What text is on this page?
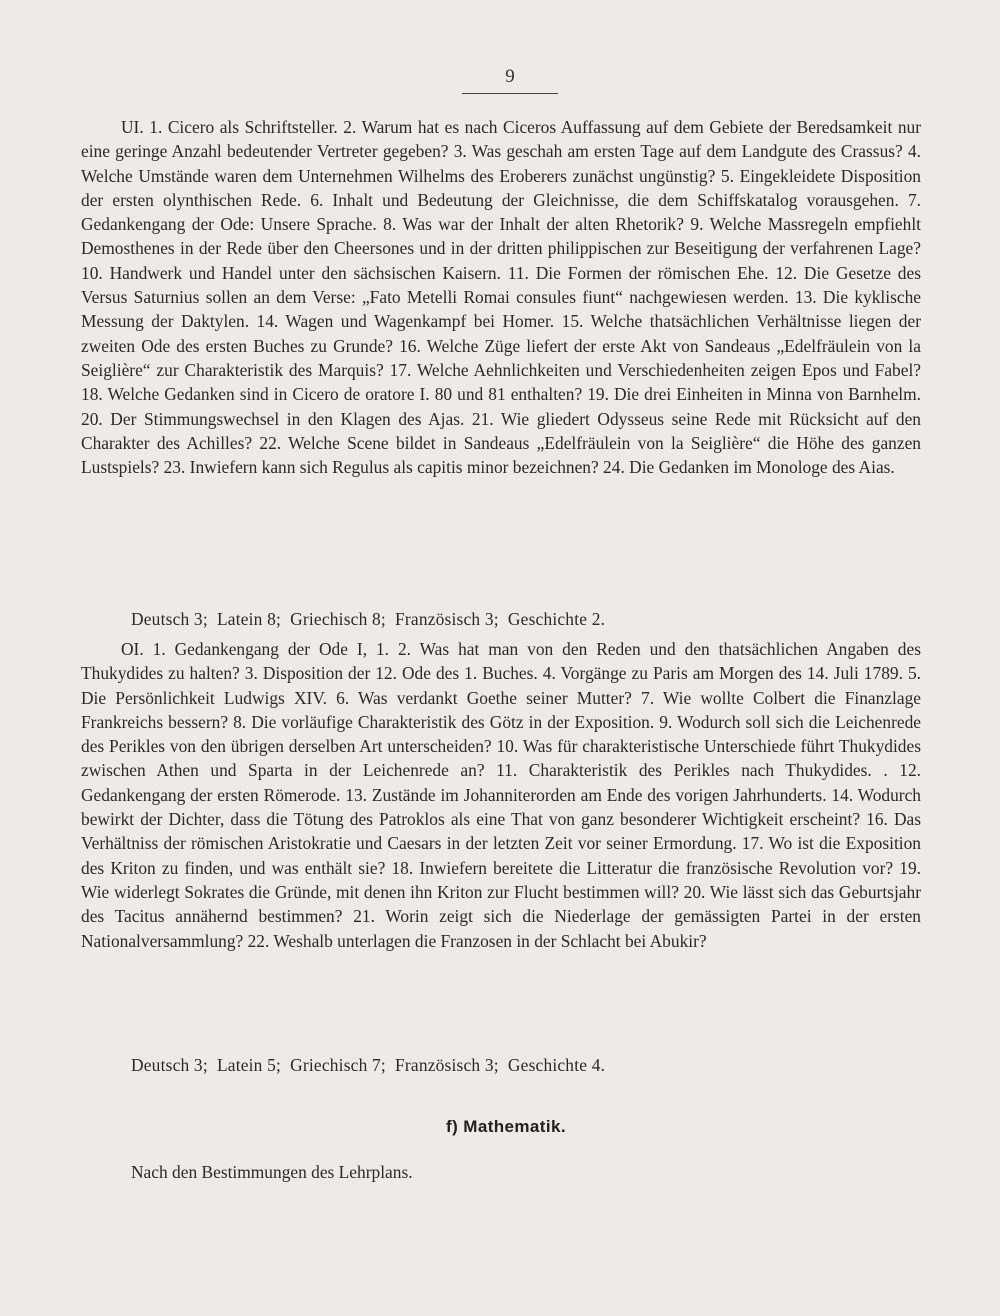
9
UI. 1. Cicero als Schriftsteller. 2. Warum hat es nach Ciceros Auffassung auf dem Gebiete der Beredsamkeit nur eine geringe Anzahl bedeutender Vertreter gegeben? 3. Was geschah am ersten Tage auf dem Landgute des Crassus? 4. Welche Umstände waren dem Unternehmen Wilhelms des Eroberers zunächst ungünstig? 5. Eingekleidete Disposition der ersten olynthischen Rede. 6. Inhalt und Bedeutung der Gleichnisse, die dem Schiffskatalog vorausgehen. 7. Gedankengang der Ode: Unsere Sprache. 8. Was war der Inhalt der alten Rhetorik? 9. Welche Massregeln empfiehlt Demosthenes in der Rede über den Cheersones und in der dritten philippischen zur Beseitigung der verfahrenen Lage? 10. Handwerk und Handel unter den sächsischen Kaisern. 11. Die Formen der römischen Ehe. 12. Die Gesetze des Versus Saturnius sollen an dem Verse: „Fato Metelli Romai consules fiunt“ nachgewiesen werden. 13. Die kyklische Messung der Daktylen. 14. Wagen und Wagenkampf bei Homer. 15. Welche thatsächlichen Verhältnisse liegen der zweiten Ode des ersten Buches zu Grunde? 16. Welche Züge liefert der erste Akt von Sandeaus „Edelfräulein von la Seiglière“ zur Charakteristik des Marquis? 17. Welche Aehnlichkeiten und Verschiedenheiten zeigen Epos und Fabel? 18. Welche Gedanken sind in Cicero de oratore I. 80 und 81 enthalten? 19. Die drei Einheiten in Minna von Barnhelm. 20. Der Stimmungswechsel in den Klagen des Ajas. 21. Wie gliedert Odysseus seine Rede mit Rücksicht auf den Charakter des Achilles? 22. Welche Scene bildet in Sandeaus „Edelfräulein von la Seiglière“ die Höhe des ganzen Lustspiels? 23. Inwiefern kann sich Regulus als capitis minor bezeichnen? 24. Die Gedanken im Monologe des Aias.
Deutsch 3;  Latein 8;  Griechisch 8;  Französisch 3;  Geschichte 2.
OI. 1. Gedankengang der Ode I, 1. 2. Was hat man von den Reden und den thatsächlichen Angaben des Thukydides zu halten? 3. Disposition der 12. Ode des 1. Buches. 4. Vorgänge zu Paris am Morgen des 14. Juli 1789. 5. Die Persönlichkeit Ludwigs XIV. 6. Was verdankt Goethe seiner Mutter? 7. Wie wollte Colbert die Finanzlage Frankreichs bessern? 8. Die vorläufige Charakteristik des Götz in der Exposition. 9. Wodurch soll sich die Leichenrede des Perikles von den übrigen derselben Art unterscheiden? 10. Was für charakteristische Unterschiede führt Thukydides zwischen Athen und Sparta in der Leichenrede an? 11. Charakteristik des Perikles nach Thukydides. . 12. Gedankengang der ersten Römerode. 13. Zustände im Johanniterorden am Ende des vorigen Jahrhunderts. 14. Wodurch bewirkt der Dichter, dass die Tötung des Patroklos als eine That von ganz besonderer Wichtigkeit erscheint? 16. Das Verhältniss der römischen Aristokratie und Caesars in der letzten Zeit vor seiner Ermordung. 17. Wo ist die Exposition des Kriton zu finden, und was enthält sie? 18. Inwiefern bereitete die Litteratur die französische Revolution vor? 19. Wie widerlegt Sokrates die Gründe, mit denen ihn Kriton zur Flucht bestimmen will? 20. Wie lässt sich das Geburtsjahr des Tacitus annähernd bestimmen? 21. Worin zeigt sich die Niederlage der gemässigten Partei in der ersten Nationalversammlung? 22. Weshalb unterlagen die Franzosen in der Schlacht bei Abukir?
Deutsch 3;  Latein 5;  Griechisch 7;  Französisch 3;  Geschichte 4.
f) Mathematik.
Nach den Bestimmungen des Lehrplans.
